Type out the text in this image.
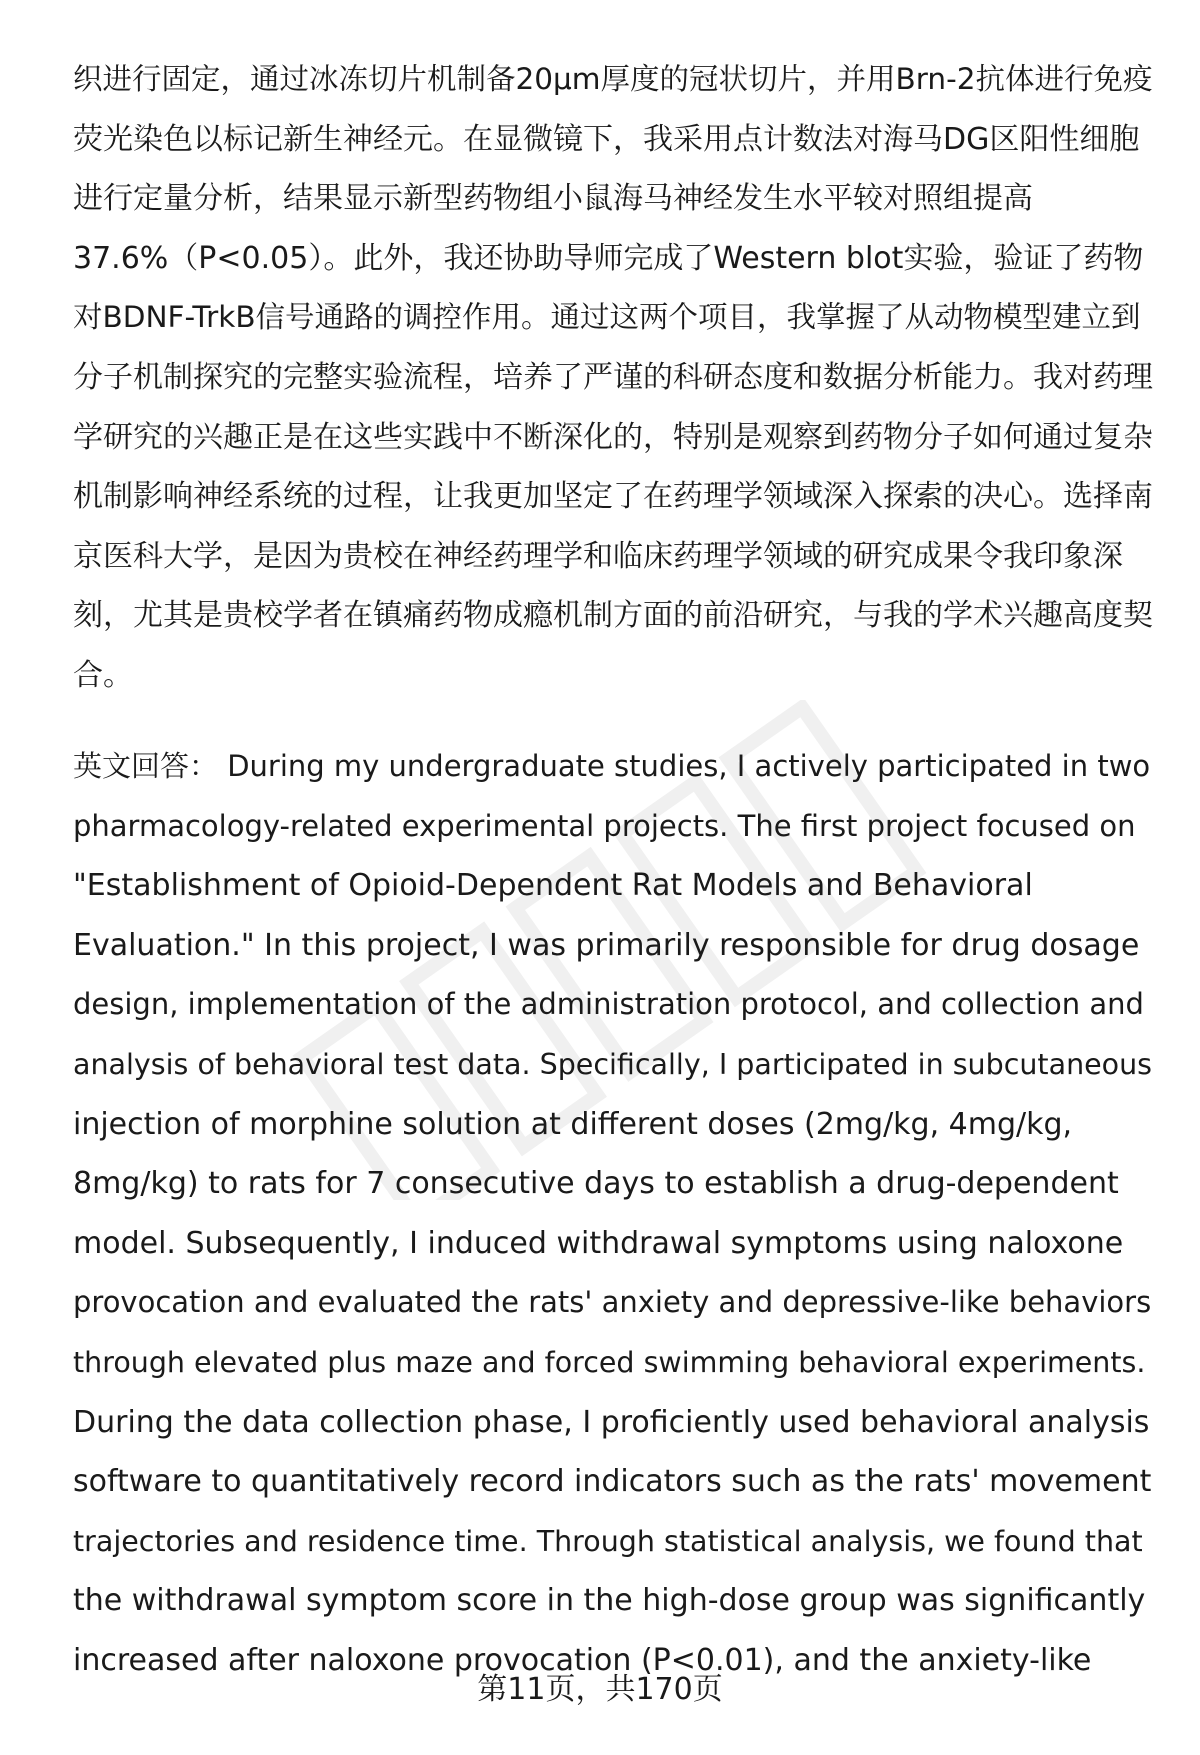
织进行固定，通过冰冻切片机制备20μm厚度的冠状切片，并用Brn-2抗体进行免疫
荧光染色以标记新生神经元。在显微镜下，我采用点计数法对海马DG区阳性细胞
进行定量分析，结果显示新型药物组小鼠海马神经发生水平较对照组提高
37.6%（P<0.05）。此外，我还协助导师完成了Western blot实验，验证了药物
对BDNF-TrkB信号通路的调控作用。通过这两个项目，我掌握了从动物模型建立到
分子机制探究的完整实验流程，培养了严谨的科研态度和数据分析能力。我对药理
学研究的兴趣正是在这些实践中不断深化的，特别是观察到药物分子如何通过复杂
机制影响神经系统的过程，让我更加坚定了在药理学领域深入探索的决心。选择南
京医科大学，是因为贵校在神经药理学和临床药理学领域的研究成果令我印象深
刻，尤其是贵校学者在镇痛药物成瘾机制方面的前沿研究，与我的学术兴趣高度契
合。
英文回答： During my undergraduate studies, I actively participated in two
pharmacology-related experimental projects. The first project focused on
"Establishment of Opioid-Dependent Rat Models and Behavioral
Evaluation." In this project, I was primarily responsible for drug dosage
design, implementation of the administration protocol, and collection and
analysis of behavioral test data. Specifically, I participated in subcutaneous
injection of morphine solution at different doses (2mg/kg, 4mg/kg,
8mg/kg) to rats for 7 consecutive days to establish a drug-dependent
model. Subsequently, I induced withdrawal symptoms using naloxone
provocation and evaluated the rats' anxiety and depressive-like behaviors
through elevated plus maze and forced swimming behavioral experiments.
During the data collection phase, I proficiently used behavioral analysis
software to quantitatively record indicators such as the rats' movement
trajectories and residence time. Through statistical analysis, we found that
the withdrawal symptom score in the high-dose group was significantly
increased after naloxone provocation (P<0.01), and the anxiety-like
第11页，共170页
